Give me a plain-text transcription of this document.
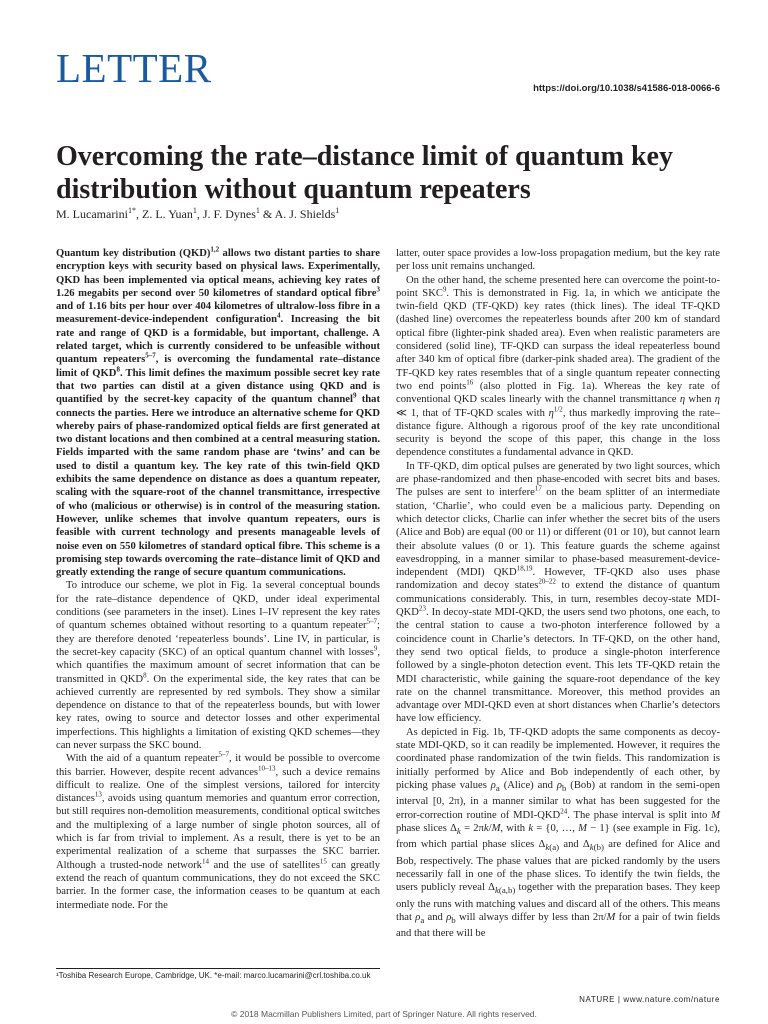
LETTER	https://doi.org/10.1038/s41586-018-0066-6
Overcoming the rate–distance limit of quantum key distribution without quantum repeaters
M. Lucamarini$^{1*}$, Z. L. Yuan$^1$, J. F. Dynes$^1$ & A. J. Shields$^1$

Quantum key distribution (QKD)$^{1,2}$ allows two distant parties to share encryption keys with security based on physical laws. Experimentally, QKD has been implemented via optical means, achieving key rates of 1.26 megabits per second over 50 kilometres of standard optical fibre$^3$ and of 1.16 bits per hour over 404 kilometres of ultralow-loss fibre in a measurement-device-independent configuration$^4$. Increasing the bit rate and range of QKD is a formidable, but important, challenge. A related target, which is currently considered to be unfeasible without quantum repeaters$^{5-7}$, is overcoming the fundamental rate–distance limit of QKD$^8$. This limit defines the maximum possible secret key rate that two parties can distil at a given distance using QKD and is quantified by the secret-key capacity of the quantum channel$^9$ that connects the parties. Here we introduce an alternative scheme for QKD whereby pairs of phase-randomized optical fields are first generated at two distant locations and then combined at a central measuring station. Fields imparted with the same random phase are ‘twins’ and can be used to distil a quantum key. The key rate of this twin-field QKD exhibits the same dependence on distance as does a quantum repeater, scaling with the square-root of the channel transmittance, irrespective of who (malicious or otherwise) is in control of the measuring station. However, unlike schemes that involve quantum repeaters, ours is feasible with current technology and presents manageable levels of noise even on 550 kilometres of standard optical fibre. This scheme is a promising step towards overcoming the rate–distance limit of QKD and greatly extending the range of secure quantum communications.

To introduce our scheme, we plot in Fig. 1a several conceptual bounds for the rate–distance dependence of QKD, under ideal experimental conditions (see parameters in the inset). Lines I–IV represent the key rates of quantum schemes obtained without resorting to a quantum repeater$^{5-7}$; they are therefore denoted ‘repeaterless bounds’. Line IV, in particular, is the secret-key capacity (SKC) of an optical quantum channel with losses$^9$, which quantifies the maximum amount of secret information that can be transmitted in QKD$^8$. On the experimental side, the key rates that can be achieved currently are represented by red symbols. They show a similar dependence on distance to that of the repeaterless bounds, but with lower key rates, owing to source and detector losses and other experimental imperfections. This highlights a limitation of existing QKD schemes—they can never surpass the SKC bound.

With the aid of a quantum repeater$^{5-7}$, it would be possible to overcome this barrier. However, despite recent advances$^{10-13}$, such a device remains difficult to realize. One of the simplest versions, tailored for intercity distances$^{13}$, avoids using quantum memories and quantum error correction, but still requires non-demolition measurements, conditional optical switches and the multiplexing of a large number of single photon sources, all of which is far from trivial to implement. As a result, there is yet to be an experimental realization of a scheme that surpasses the SKC barrier. Although a trusted-node network$^{14}$ and the use of satellites$^{15}$ can greatly extend the reach of quantum communications, they do not exceed the SKC barrier. In the former case, the information ceases to be quantum at each intermediate node. For the

latter, outer space provides a low-loss propagation medium, but the key rate per loss unit remains unchanged.

On the other hand, the scheme presented here can overcome the point-to-point SKC$^9$. This is demonstrated in Fig. 1a, in which we anticipate the twin-field QKD (TF-QKD) key rates (thick lines). The ideal TF-QKD (dashed line) overcomes the repeaterless bounds after 200 km of standard optical fibre (lighter-pink shaded area). Even when realistic parameters are considered (solid line), TF-QKD can surpass the ideal repeaterless bound after 340 km of optical fibre (darker-pink shaded area). The gradient of the TF-QKD key rates resembles that of a single quantum repeater connecting two end points$^{16}$ (also plotted in Fig. 1a). Whereas the key rate of conventional QKD scales linearly with the channel transmittance η when η ≪ 1, that of TF-QKD scales with $\eta^{1/2}$, thus markedly improving the rate–distance figure. Although a rigorous proof of the key rate unconditional security is beyond the scope of this paper, this change in the loss dependence constitutes a fundamental advance in QKD.

In TF-QKD, dim optical pulses are generated by two light sources, which are phase-randomized and then phase-encoded with secret bits and bases. The pulses are sent to interfere$^{17}$ on the beam splitter of an intermediate station, ‘Charlie’, who could even be a malicious party. Depending on which detector clicks, Charlie can infer whether the secret bits of the users (Alice and Bob) are equal (00 or 11) or different (01 or 10), but cannot learn their absolute values (0 or 1). This feature guards the scheme against eavesdropping, in a manner similar to phase-based measurement-device-independent (MDI) QKD$^{18,19}$. However, TF-QKD also uses phase randomization and decoy states$^{20-22}$ to extend the distance of quantum communications considerably. This, in turn, resembles decoy-state MDI-QKD$^{23}$. In decoy-state MDI-QKD, the users send two photons, one each, to the central station to cause a two-photon interference followed by a coincidence count in Charlie’s detectors. In TF-QKD, on the other hand, they send two optical fields, to produce a single-photon interference followed by a single-photon detection event. This lets TF-QKD retain the MDI characteristic, while gaining the square-root dependance of the key rate on the channel transmittance. Moreover, this method provides an advantage over MDI-QKD even at short distances when Charlie’s detectors have low efficiency.

As depicted in Fig. 1b, TF-QKD adopts the same components as decoy-state MDI-QKD, so it can readily be implemented. However, it requires the coordinated phase randomization of the twin fields. This randomization is initially performed by Alice and Bob independently of each other, by picking phase values $\rho_a$ (Alice) and $\rho_b$ (Bob) at random in the semi-open interval [0, 2π), in a manner similar to what has been suggested for the error-correction routine of MDI-QKD$^{24}$. The phase interval is split into M phase slices $\Delta_k = 2\pi k/M$, with k = {0, …, M − 1} (see example in Fig. 1c), from which partial phase slices $\Delta_{k(a)}$ and $\Delta_{k(b)}$ are defined for Alice and Bob, respectively. The phase values that are picked randomly by the users necessarily fall in one of the phase slices. To identify the twin fields, the users publicly reveal $\Delta_{k(a,b)}$ together with the preparation bases. They keep only the runs with matching values and discard all of the others. This means that $\rho_a$ and $\rho_b$ will always differ by less than 2π/M for a pair of twin fields and that there will be

¹Toshiba Research Europe, Cambridge, UK. *e-mail: marco.lucamarini@crl.toshiba.co.uk
NATURE | www.nature.com/nature
© 2018 Macmillan Publishers Limited, part of Springer Nature. All rights reserved.
